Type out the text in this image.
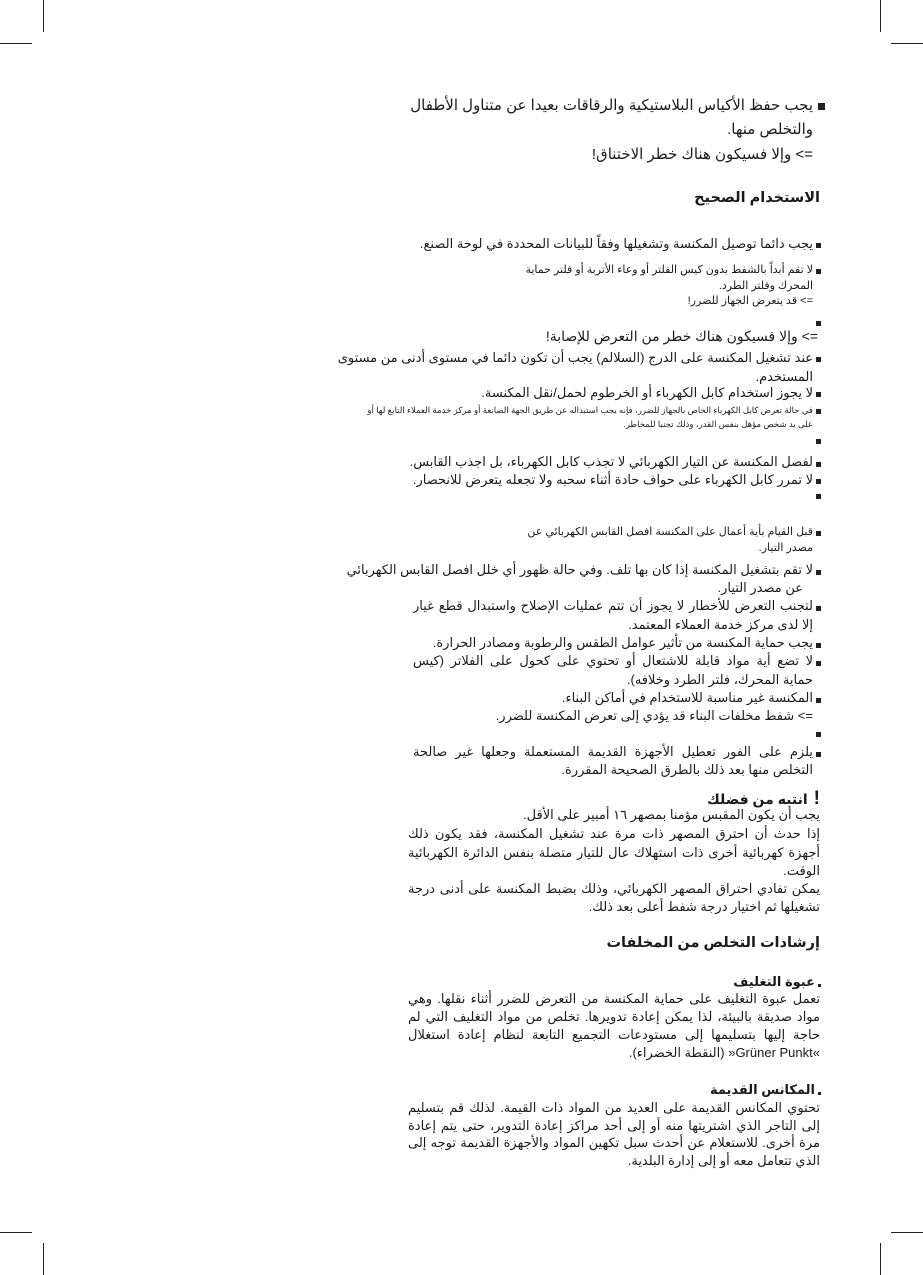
يجب حفظ الأكياس البلاستيكية والرقاقات بعيدا عن متناول الأطفال
والتخلص منها.
=> وإلا فسيكون هناك خطر الاختناق!
الاستخدام الصحيح
يجب دائما توصيل المكنسة وتشغيلها وفقاً للبيانات المحددة في لوحة الصنع.
لا تقم أبداً بالشفط بدون كيس الفلتر أو وعاء الأتربة أو فلتر حماية
المحرك وفلتر الطرد.
=> قد يتعرض الجهاز للضرر!
=> وإلا فسيكون هناك خطر من التعرض للإصابة!
عند تشغيل المكنسة على الدرج (السلالم) يجب أن تكون دائما في مستوى أدنى من مستوى
المستخدم.
لا يجوز استخدام كابل الكهرباء أو الخرطوم لحمل/نقل المكنسة.
في حالة تعرض كابل الكهرباء الخاص بالجهاز للضرر، فإنه يجب استبداله عن طريق الجهة الصانعة أو مركز خدمة العملاء التابع لها أو
على يد شخص مؤهل بنفس القدر، وذلك تجنبا للمخاطر.
لفصل المكنسة عن التيار الكهربائي لا تجذب كابل الكهرباء، بل اجذب القابس.
لا تمرر كابل الكهرباء على حواف حادة أثناء سحبه ولا تجعله يتعرض للانحصار.
قبل القيام بأية أعمال على المكنسة افصل القابس الكهربائي عن
مصدر التيار.
لا تقم بتشغيل المكنسة إذا كان بها تلف. وفي حالة ظهور أي خلل افصل القابس الكهربائي
عن مصدر التيار.
لتجنب التعرض للأخطار لا يجوز أن تتم عمليات الإصلاح واستبدال قطع غيار
إلا لدى مركز خدمة العملاء المعتمد.
يجب حماية المكنسة من تأثير عوامل الطقس والرطوبة ومصادر الحرارة.
لا تضع أية مواد قابلة للاشتعال أو تحتوي على كحول على الفلاتر (كيس
حماية المحرك، فلتر الطرد وخلافه).
المكنسة غير مناسبة للاستخدام في أماكن البناء.
=> شفط مخلفات البناء قد يؤدي إلى تعرض المكنسة للضرر.
يلزم على الفور تعطيل الأجهزة القديمة المستعملة وجعلها غير صالحة
التخلص منها بعد ذلك بالطرق الصحيحة المقررة.
!انتبه من فضلك
يجب أن يكون المقبس مؤمنا بمصهر ١٦ أمبير على الأقل.
إذا حدث أن احترق المصهر ذات مرة عند تشغيل المكنسة، فقد يكون ذلك
أجهزة كهربائية أخرى ذات استهلاك عال للتيار متصلة بنفس الدائرة الكهربائية
الوقت.
يمكن تفادي احتراق المصهر الكهربائي، وذلك بضبط المكنسة على أدنى درجة
تشغيلها ثم اختيار درجة شفط أعلى بعد ذلك.
إرشادات التخلص من المخلفات
عبوة التغليف
تعمل عبوة التغليف على حماية المكنسة من التعرض للضرر أثناء نقلها. وهي
مواد صديقة بالبيئة، لذا يمكن إعادة تدويرها. تخلص من مواد التغليف التي لم
حاجة إليها بتسليمها إلى مستودعات التجميع التابعة لنظام إعادة استغلال
»Grüner Punkt« (النقطة الخضراء).
المكانس القديمة
تحتوي المكانس القديمة على العديد من المواد ذات القيمة. لذلك قم بتسليم
إلى التاجر الذي اشتريتها منه أو إلى أحد مراكز إعادة التدوير، حتى يتم إعادة
مرة أخرى. للاستعلام عن أحدث سبل تكهين المواد والأجهزة القديمة توجه إلى
الذي تتعامل معه أو إلى إدارة البلدية.
